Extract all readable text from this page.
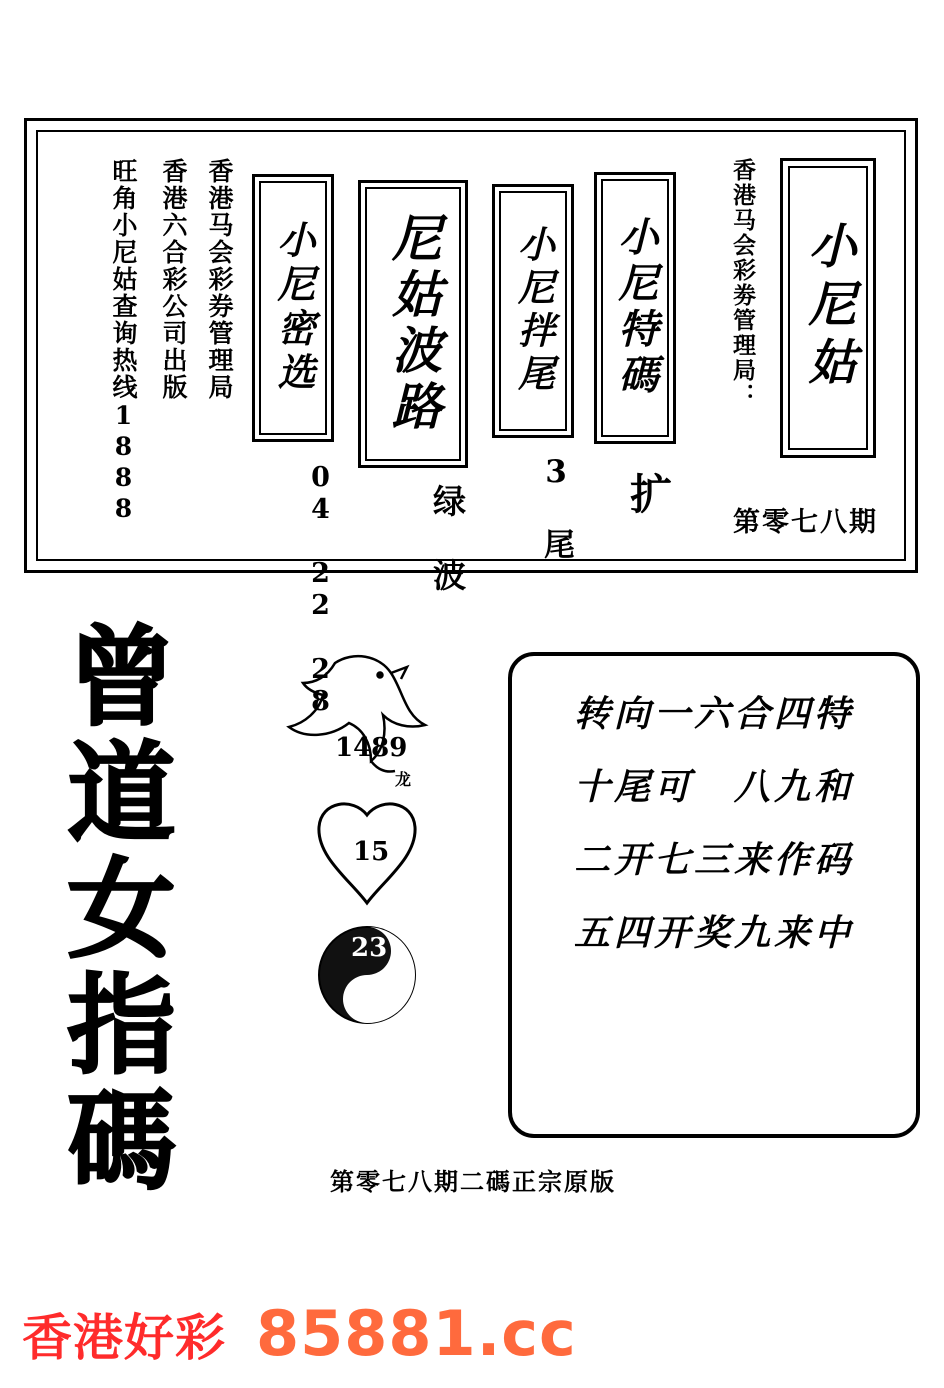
小尼姑
香港马会彩劵管理局：
第零七八期
小尼特碼
扩
小尼拌尾
3 尾
尼姑波路
绿 波
小尼密选
04 22 28
香港马会彩券管理局
香港六合彩公司出版
旺角小尼姑查询热线1888
曾道女指碼	1489
龙
15
23
转向一六合四特
十尾可　八九和
二开七三来作码
五四开奖九来中
第零七八期二碼正宗原版
香港好彩 85881.cc
